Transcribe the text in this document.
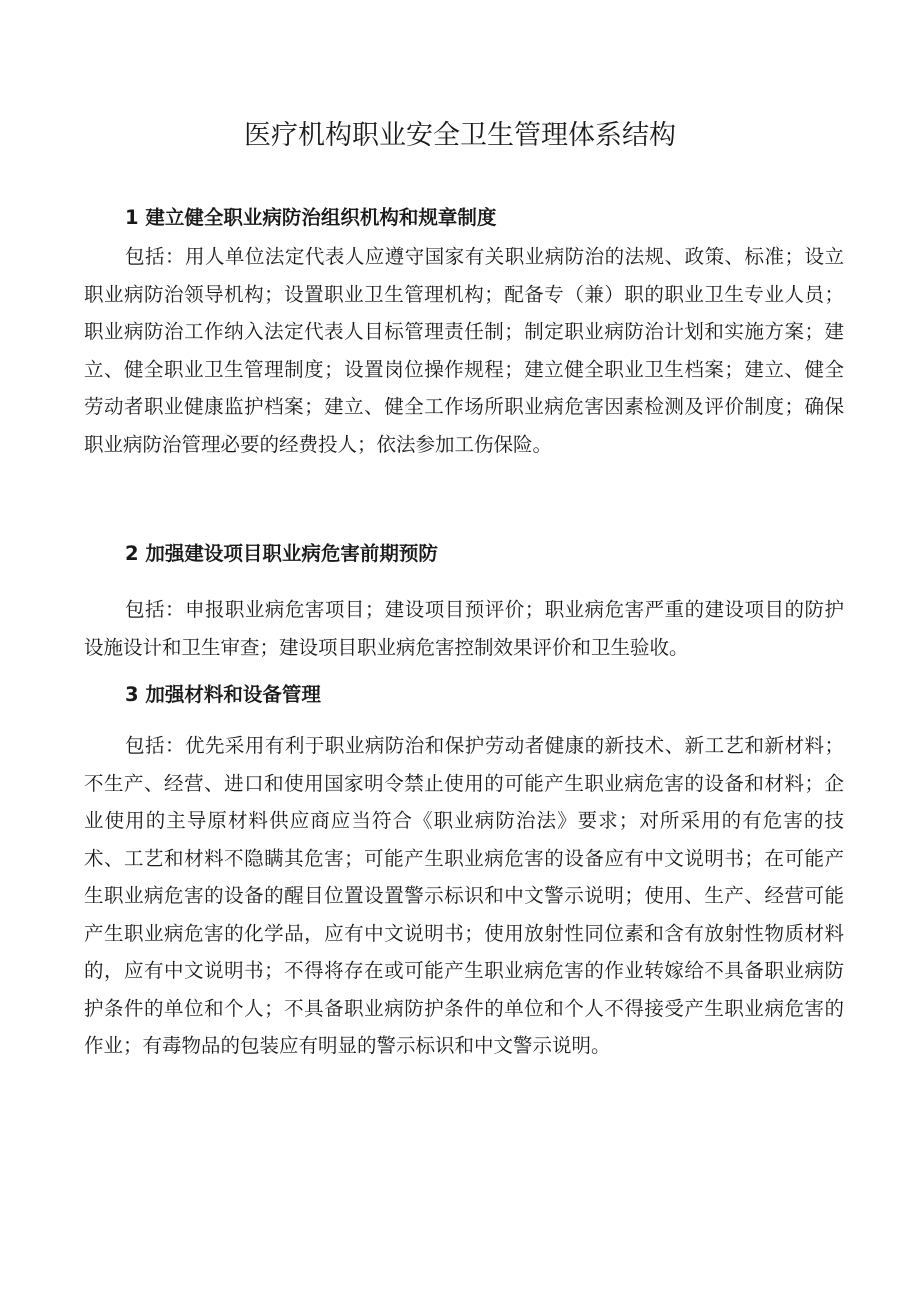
医疗机构职业安全卫生管理体系结构
1 建立健全职业病防治组织机构和规章制度

包括：用人单位法定代表人应遵守国家有关职业病防治的法规、政策、标准；设立职业病防治领导机构；设置职业卫生管理机构；配备专（兼）职的职业卫生专业人员；职业病防治工作纳入法定代表人目标管理责任制；制定职业病防治计划和实施方案；建立、健全职业卫生管理制度；设置岗位操作规程；建立健全职业卫生档案；建立、健全劳动者职业健康监护档案；建立、健全工作场所职业病危害因素检测及评价制度；确保职业病防治管理必要的经费投人；依法参加工伤保险。

2 加强建设项目职业病危害前期预防

包括：申报职业病危害项目；建设项目预评价；职业病危害严重的建设项目的防护设施设计和卫生审查；建设项目职业病危害控制效果评价和卫生验收。

3 加强材料和设备管理

包括：优先采用有利于职业病防治和保护劳动者健康的新技术、新工艺和新材料；不生产、经营、进口和使用国家明令禁止使用的可能产生职业病危害的设备和材料；企业使用的主导原材料供应商应当符合《职业病防治法》要求；对所采用的有危害的技术、工艺和材料不隐瞒其危害；可能产生职业病危害的设备应有中文说明书；在可能产生职业病危害的设备的醒目位置设置警示标识和中文警示说明；使用、生产、经营可能产生职业病危害的化学品，应有中文说明书；使用放射性同位素和含有放射性物质材料的，应有中文说明书；不得将存在或可能产生职业病危害的作业转嫁给不具备职业病防护条件的单位和个人；不具备职业病防护条件的单位和个人不得接受产生职业病危害的作业；有毒物品的包装应有明显的警示标识和中文警示说明。
